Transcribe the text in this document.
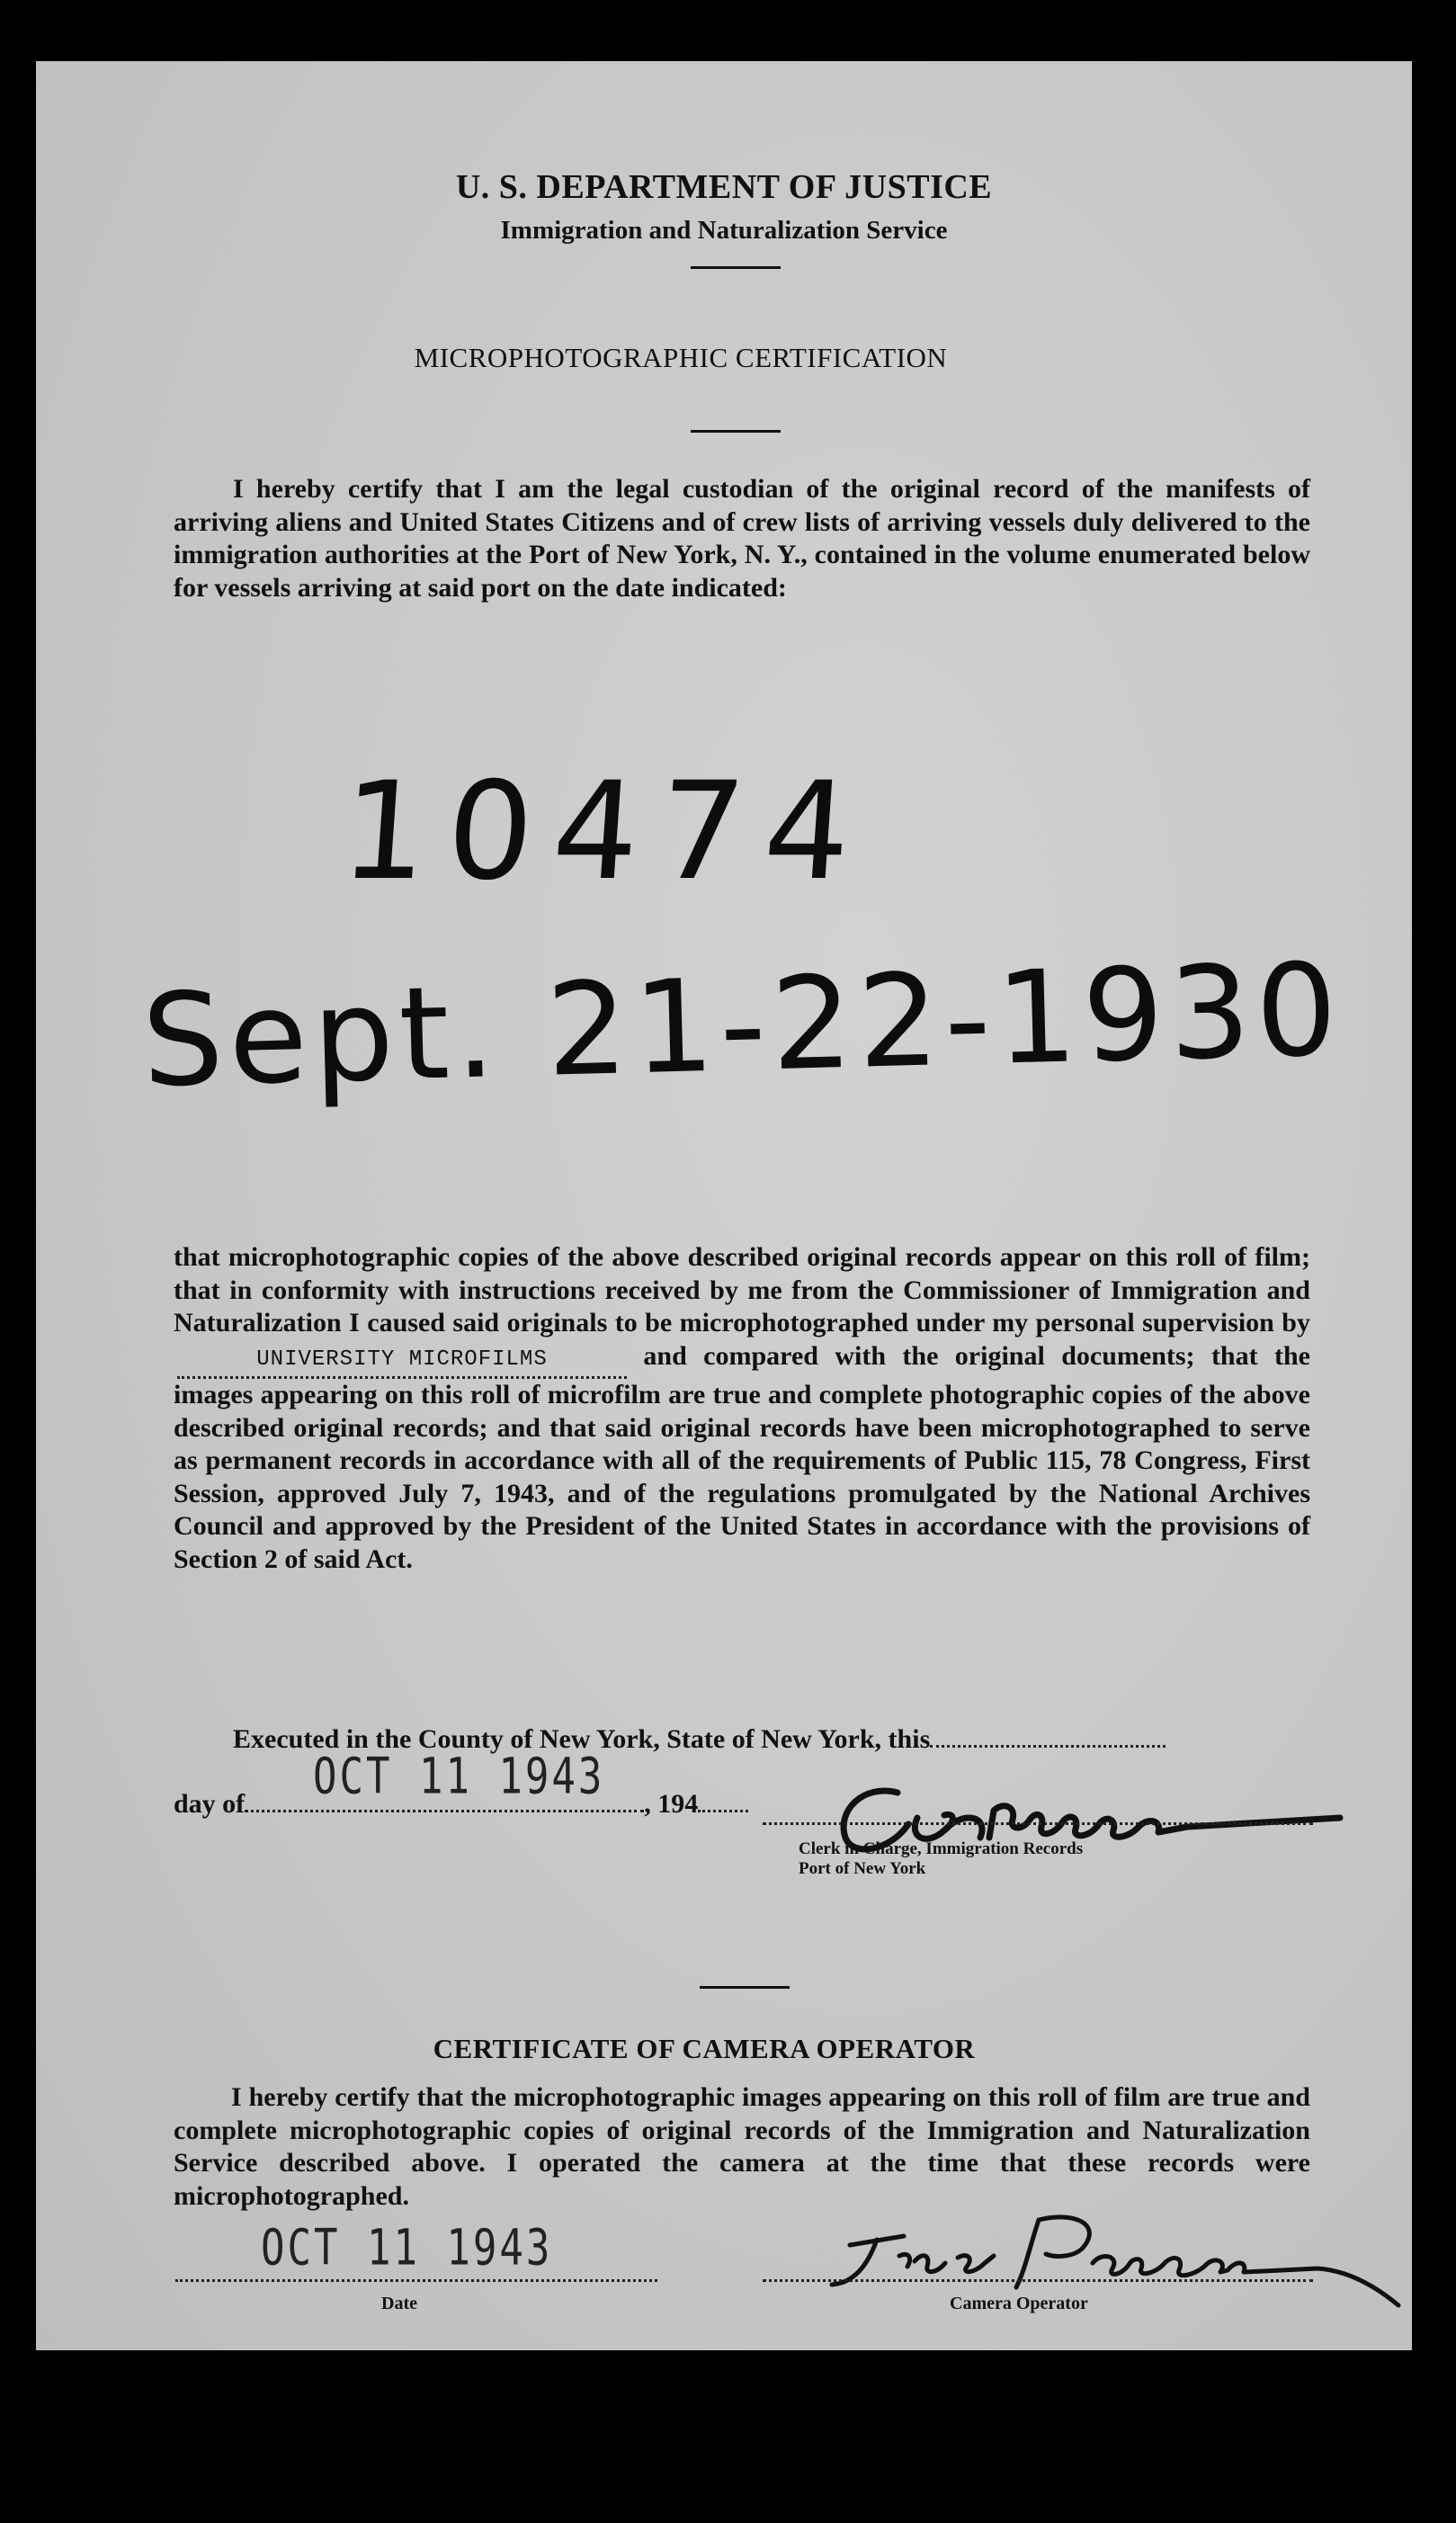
U. S. DEPARTMENT OF JUSTICE
Immigration and Naturalization Service
MICROPHOTOGRAPHIC CERTIFICATION
I hereby certify that I am the legal custodian of the original record of the manifests of arriving aliens and United States Citizens and of crew lists of arriving vessels duly delivered to the immigration authorities at the Port of New York, N. Y., contained in the volume enumerated below for vessels arriving at said port on the date indicated:
10474
Sept. 21-22-1930
that microphotographic copies of the above described original records appear on this roll of film; that in conformity with instructions received by me from the Commissioner of Immigration and Naturalization I caused said originals to be microphotographed under my personal supervision byUNIVERSITY MICROFILMS	and compared with the original documents; that the images appearing on this roll of microfilm are true and complete photographic copies of the above described original records; and that said original records have been microphotographed to serve as permanent records in accordance with all of the requirements of Public 115, 78 Congress, First Session, approved July 7, 1943, and of the regulations promulgated by the National Archives Council and approved by the President of the United States in accordance with the provisions of Section 2 of said Act.
Executed in the County of New York, State of New York, this
day of	, 194
OCT 11 1943
Clerk in Charge, Immigration Records
Port of New York
CERTIFICATE OF CAMERA OPERATOR
I hereby certify that the microphotographic images appearing on this roll of film are true and complete microphotographic copies of original records of the Immigration and Naturalization Service described above. I operated the camera at the time that these records were microphotographed.
OCT 11 1943
Date	Camera Operator
